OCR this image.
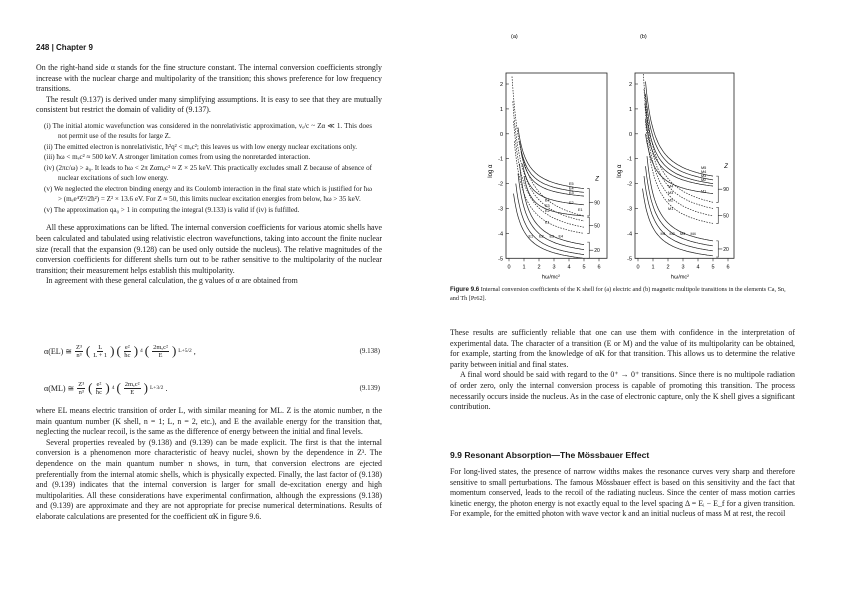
248 | Chapter 9

On the right-hand side α stands for the fine structure constant. The internal conversion coefficients strongly increase with the nuclear charge and multipolarity of the transition; this shows preference for low frequency transitions.

The result (9.137) is derived under many simplifying assumptions. It is easy to see that they are mutually consistent but restrict the domain of validity of (9.137).

(i) The initial atomic wavefunction was considered in the nonrelativistic approximation, vₑ/c ~ Zα ≪ 1. This does not permit use of the results for large Z.

(ii) The emitted electron is nonrelativistic, ħ²q² < mₑc²; this leaves us with low energy nuclear excitations only.

(iii) ħω < mₑc² ≈ 500 keV. A stronger limitation comes from using the nonretarded interaction.

(iv) (2πc/ω) > a₀. It leads to ħω < 2π Zαmₑc² ≈ Z × 25 keV. This practically excludes small Z because of absence of nuclear excitations of such low energy.

(v) We neglected the electron binding energy and its Coulomb interaction in the final state which is justified for ħω > (mₑe⁴Z²/2ħ²) = Z² × 13.6 eV. For Z ≈ 50, this limits nuclear excitation energies from below, ħω > 35 keV.

(v) The approximation qa₀ > 1 in computing the integral (9.133) is valid if (iv) is fulfilled.

All these approximations can be lifted. The internal conversion coefficients for various atomic shells have been calculated and tabulated using relativistic electron wavefunctions, taking into account the finite nuclear size (recall that the expansion (9.128) can be used only outside the nucleus). The relative magnitudes of the conversion coefficients for different shells turn out to be rather sensitive to the multipolarity of the nuclear transition; their measurement helps establish this multipolarity.

In agreement with these general calculation, the g values of α are obtained from

α(EL) ≅ $\frac{\text{Z³}}{\text{n³}}$ ( $\frac{L}{L + 1}$ ) ( $\frac{\text{e²}}{ħc}$ ) 4 ( $\frac{\text{2mₑc²}}{E}$ ) L+5/2 ,	(9.138)
α(ML) ≅ $\frac{\text{Z³}}{\text{n³}}$ ( $\frac{\text{e²}}{ħc}$ ) 4 ( $\frac{\text{2mₑc²}}{E}$ ) L+3/2 .	(9.139)

where EL means electric transition of order L, with similar meaning for ML. Z is the atomic number, n the main quantum number (K shell, n = 1; L, n = 2, etc.), and E the available energy for the transition that, neglecting the nuclear recoil, is the same as the difference of energy between the initial and final levels.

Several properties revealed by (9.138) and (9.139) can be made explicit. The first is that the internal conversion is a phenomenon more characteristic of heavy nuclei, shown by the dependence in Z³. The dependence on the main quantum number n shows, in turn, that conversion electrons are ejected preferentially from the internal atomic shells, which is physically expected. Finally, the last factor of (9.138) and (9.139) indicates that the internal conversion is larger for small de-excitation energy and high multipolarities. All these considerations have experimental confirmation, although the expressions (9.138) and (9.139) are approximate and they are not appropriate for precise numerical determinations. Results of elaborate calculations are presented for the coefficient αK in figure 9.6.

(a)
2
1
0
-1
-2
-3
-4
-5
0 1 2 3 4 5 6
ħω/mc²
log α
E5
E4
E3
E2
E1
E4
E3
E2
E1
E4
E3
E2
E1
90
50
20
Z
(b)
2
1
0
-1
-2
-3
-4
-5
0 1 2 3 4 5 6
ħω/mc²
log α	M5
M4
M3
M2
M1
M4
M3
M2
M1
M4
M3
M2
M1
90
50
20
Z
Figure 9.6 Internal conversion coefficients of the K shell for (a) electric and (b) magnetic multipole transitions in the elements Ca, Sn, and Th [Pr62].

These results are sufficiently reliable that one can use them with confidence in the interpretation of experimental data. The character of a transition (E or M) and the value of its multipolarity can be obtained, for example, starting from the knowledge of αK for that transition. This allows us to determine the relative parity between initial and final states.

A final word should be said with regard to the 0⁺ → 0⁺ transitions. Since there is no multipole radiation of order zero, only the internal conversion process is capable of promoting this transition. The process necessarily occurs inside the nucleus. As in the case of electronic capture, only the K shell gives a significant contribution.

9.9 Resonant Absorption—The Mössbauer Effect

For long-lived states, the presence of narrow widths makes the resonance curves very sharp and therefore sensitive to small perturbations. The famous Mössbauer effect is based on this sensitivity and the fact that momentum conserved, leads to the recoil of the radiating nucleus. Since the center of mass motion carries kinetic energy, the photon energy is not exactly equal to the level spacing Δ = Eᵢ − E_f for a given transition. For example, for the emitted photon with wave vector k and an initial nucleus of mass M at rest, the recoil
